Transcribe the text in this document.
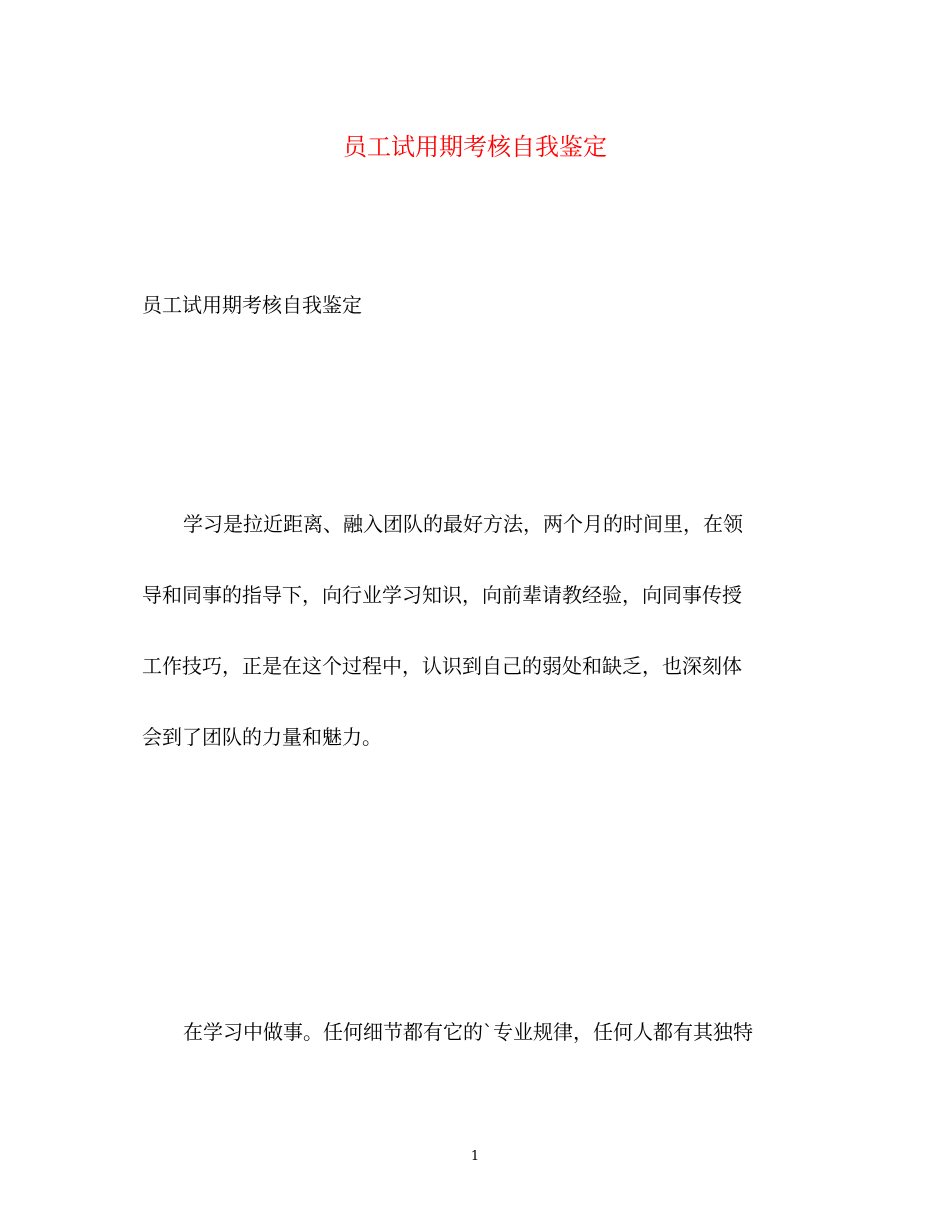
员工试用期考核自我鉴定
员工试用期考核自我鉴定
学习是拉近距离、融入团队的最好方法，两个月的时间里，在领
导和同事的指导下，向行业学习知识，向前辈请教经验，向同事传授
工作技巧，正是在这个过程中，认识到自己的弱处和缺乏，也深刻体
会到了团队的力量和魅力。
在学习中做事。任何细节都有它的`专业规律，任何人都有其独特
1
